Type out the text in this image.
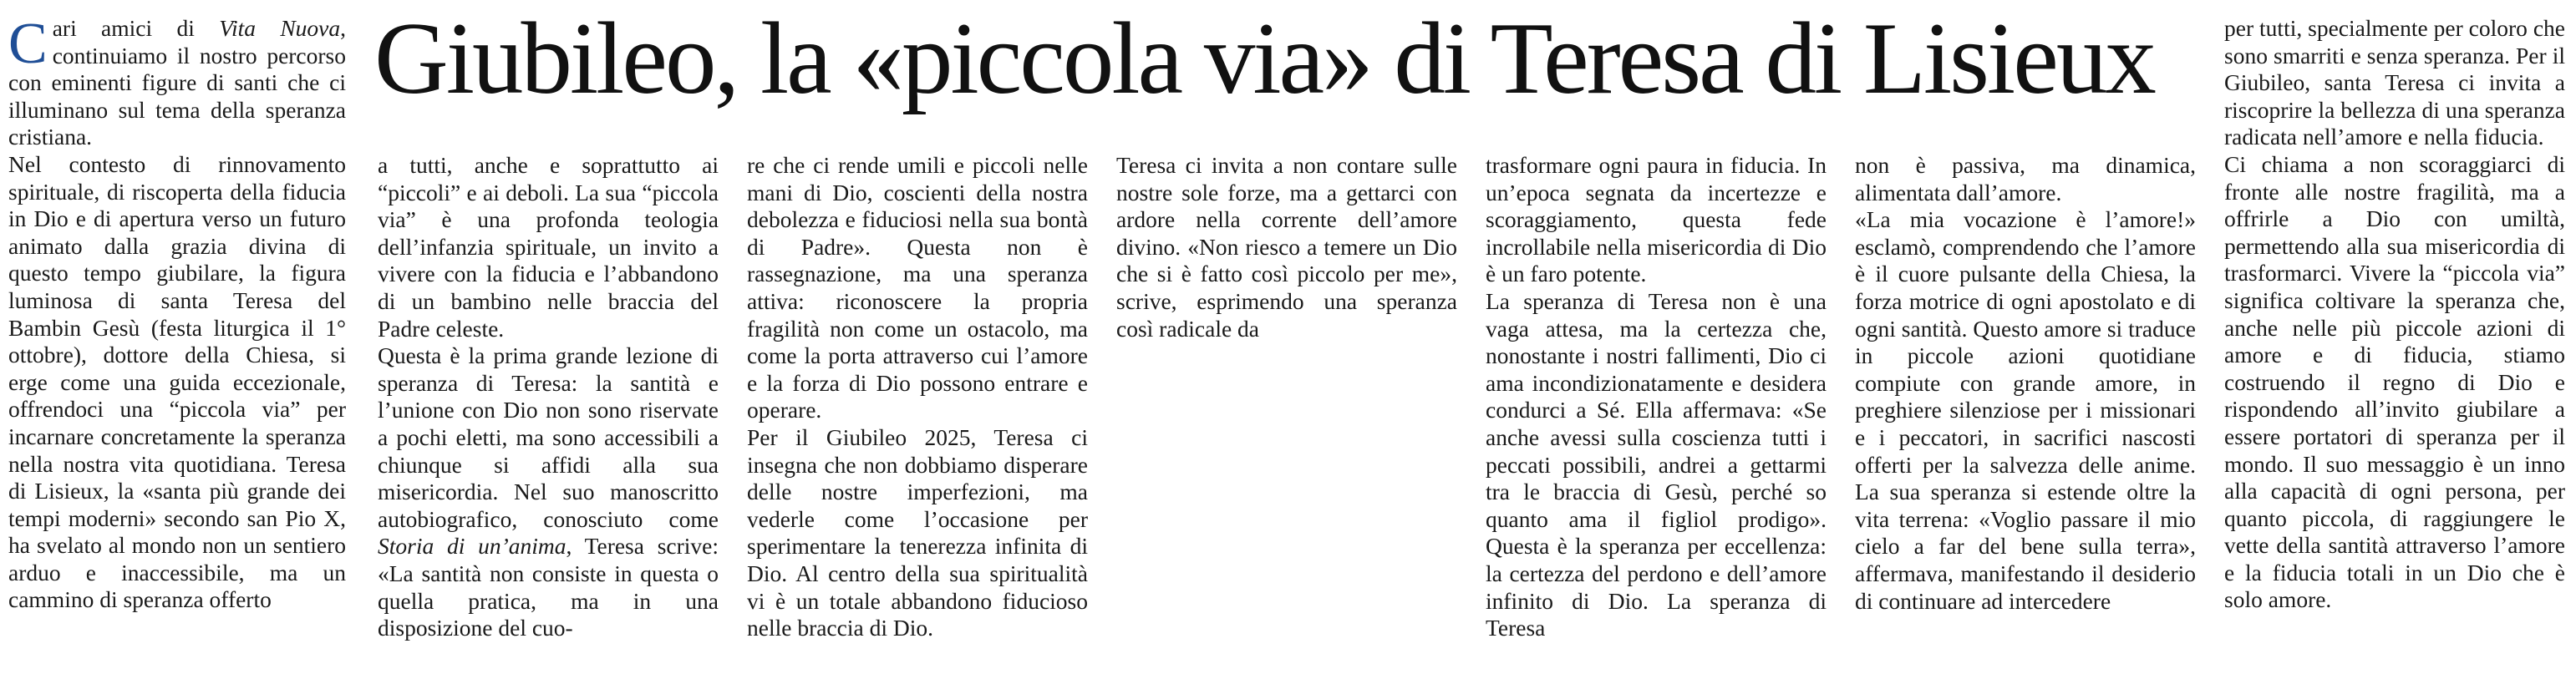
Giubileo, la «piccola via» di Teresa di Lisieux

Cari amici di Vita Nuova, continuiamo il nostro percorso con eminenti figure di santi che ci illuminano sul tema della speranza cristiana.

Nel contesto di rinnovamento spirituale, di riscoperta della fiducia in Dio e di apertura verso un futuro animato dalla grazia divina di questo tempo giubilare, la figura luminosa di santa Teresa del Bambin Gesù (festa liturgica il 1° ottobre), dottore della Chiesa, si erge come una guida eccezionale, offrendoci una “piccola via” per incarnare concretamente la speranza nella nostra vita quotidiana. Teresa di Lisieux, la «santa più grande dei tempi moderni» secondo san Pio X, ha svelato al mondo non un sentiero arduo e inaccessibile, ma un cammino di speranza offerto

a tutti, anche e soprattutto ai “piccoli” e ai deboli. La sua “piccola via” è una profonda teologia dell’infanzia spirituale, un invito a vivere con la fiducia e l’abbandono di un bambino nelle braccia del Padre celeste.

Questa è la prima grande lezione di speranza di Teresa: la santità e l’unione con Dio non sono riservate a pochi eletti, ma sono accessibili a chiunque si affidi alla sua misericordia. Nel suo manoscritto autobiografico, conosciuto come Storia di un’anima, Teresa scrive: «La santità non consiste in questa o quella pratica, ma in una disposizione del cuo-

re che ci rende umili e piccoli nelle mani di Dio, coscienti della nostra debolezza e fiduciosi nella sua bontà di Padre». Questa non è rassegnazione, ma una speranza attiva: riconoscere la propria fragilità non come un ostacolo, ma come la porta attraverso cui l’amore e la forza di Dio possono entrare e operare.

Per il Giubileo 2025, Teresa ci insegna che non dobbiamo disperare delle nostre imperfezioni, ma vederle come l’occasione per sperimentare la tenerezza infinita di Dio. Al centro della sua spiritualità vi è un totale abbandono fiducioso nelle braccia di Dio.

Teresa ci invita a non contare sulle nostre sole forze, ma a gettarci con ardore nella corrente dell’amore divino. «Non riesco a temere un Dio che si è fatto così piccolo per me», scrive, esprimendo una speranza così radicale da

trasformare ogni paura in fiducia. In un’epoca segnata da incertezze e scoraggiamento, questa fede incrollabile nella misericordia di Dio è un faro potente.

La speranza di Teresa non è una vaga attesa, ma la certezza che, nonostante i nostri fallimenti, Dio ci ama incondizionatamente e desidera condurci a Sé. Ella affermava: «Se anche avessi sulla coscienza tutti i peccati possibili, andrei a gettarmi tra le braccia di Gesù, perché so quanto ama il figliol prodigo». Questa è la speranza per eccellenza: la certezza del perdono e dell’amore infinito di Dio. La speranza di Teresa

non è passiva, ma dinamica, alimentata dall’amore.

«La mia vocazione è l’amore!» esclamò, comprendendo che l’amore è il cuore pulsante della Chiesa, la forza motrice di ogni apostolato e di ogni santità. Questo amore si traduce in piccole azioni quotidiane compiute con grande amore, in preghiere silenziose per i missionari e i peccatori, in sacrifici nascosti offerti per la salvezza delle anime. La sua speranza si estende oltre la vita terrena: «Voglio passare il mio cielo a far del bene sulla terra», affermava, manifestando il desiderio di continuare ad intercedere

per tutti, specialmente per coloro che sono smarriti e senza speranza. Per il Giubileo, santa Teresa ci invita a riscoprire la bellezza di una speranza radicata nell’amore e nella fiducia.

Ci chiama a non scoraggiarci di fronte alle nostre fragilità, ma a offrirle a Dio con umiltà, permettendo alla sua misericordia di trasformarci. Vivere la “piccola via” significa coltivare la speranza che, anche nelle più piccole azioni di amore e di fiducia, stiamo costruendo il regno di Dio e rispondendo all’invito giubilare a essere portatori di speranza per il mondo. Il suo messaggio è un inno alla capacità di ogni persona, per quanto piccola, di raggiungere le vette della santità attraverso l’amore e la fiducia totali in un Dio che è solo amore.
